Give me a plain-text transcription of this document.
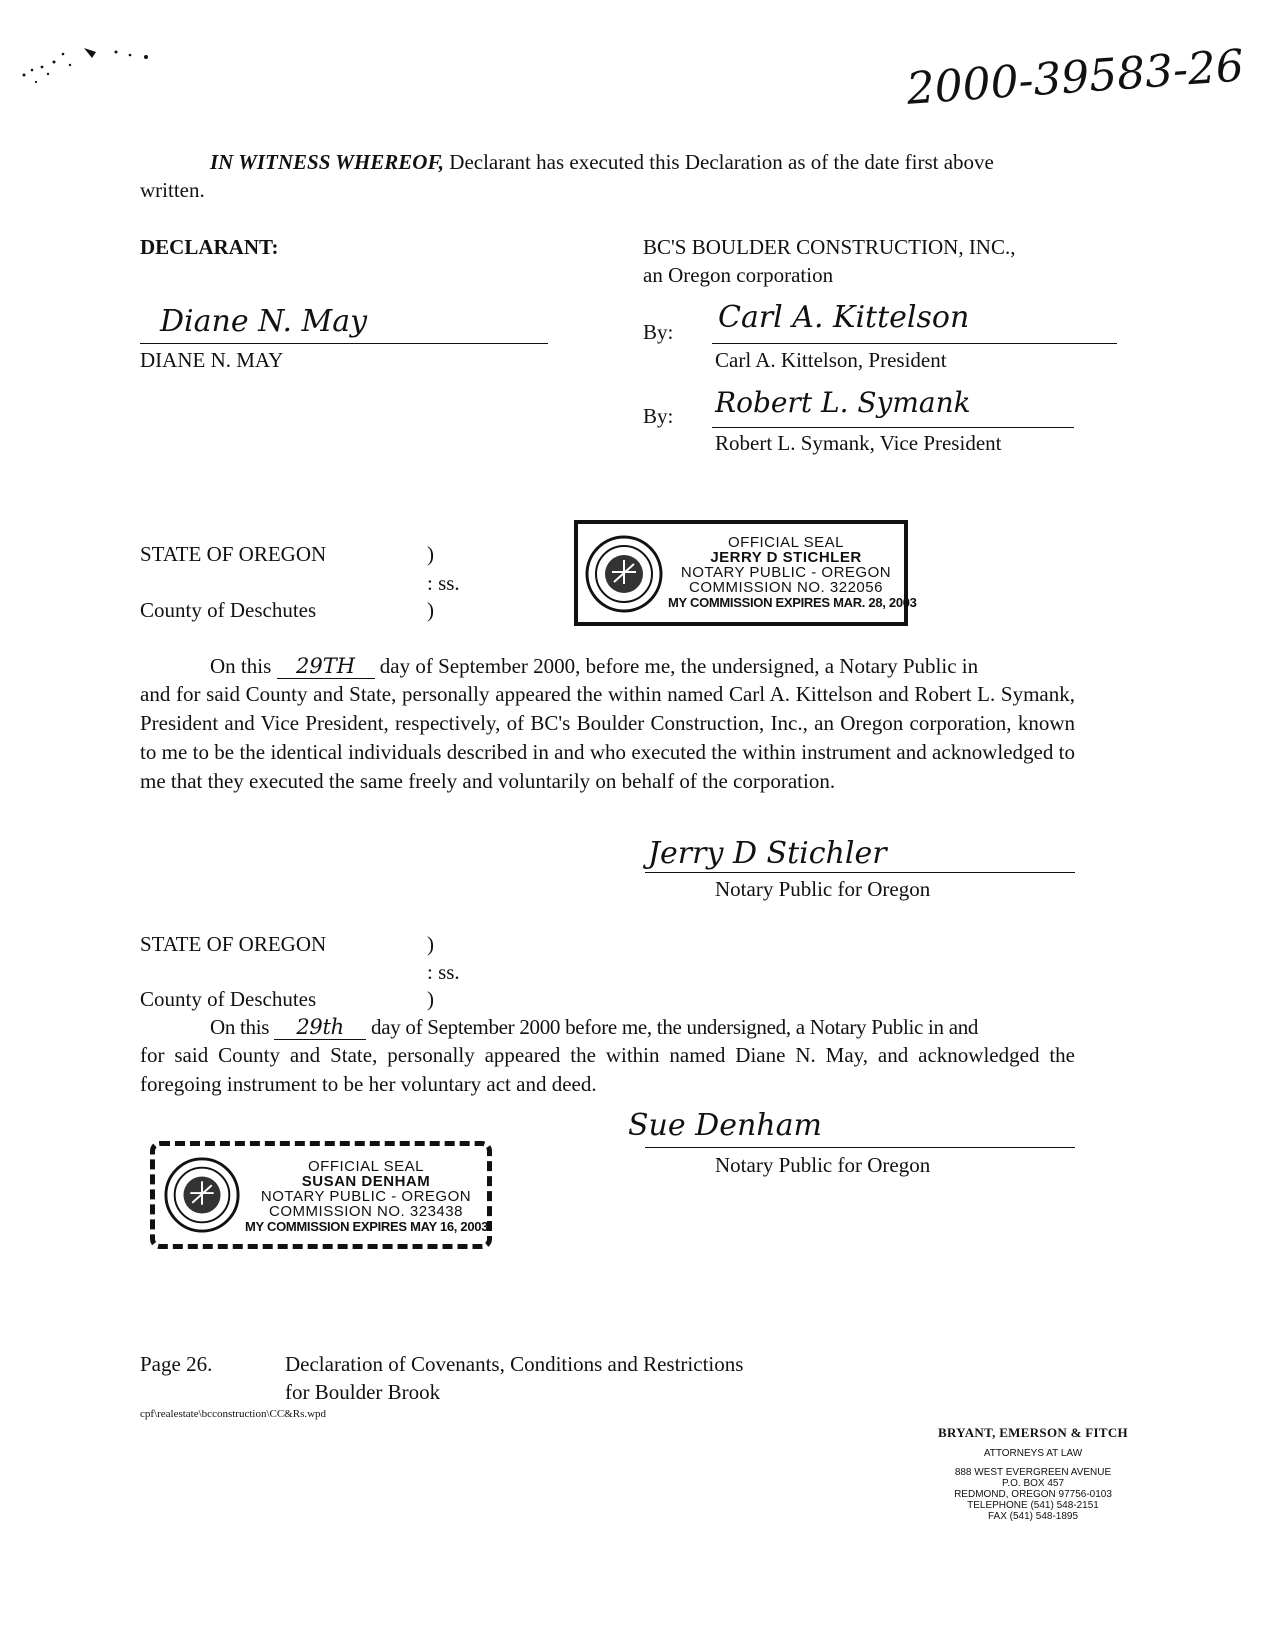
2000-39583-26
IN WITNESS WHEREOF, Declarant has executed this Declaration as of the date first above
written.
DECLARANT:
Diane N. May
DIANE N. MAY
BC'S BOULDER CONSTRUCTION, INC.,
an Oregon corporation
By: Carl A. Kittelson
Carl A. Kittelson, President
By: Robert L. Symank
Robert L. Symank, Vice President
STATE OF OREGON	)
: ss.
County of Deschutes	)
OFFICIAL SEAL
JERRY D STICHLER
NOTARY PUBLIC - OREGON
COMMISSION NO. 322056
MY COMMISSION EXPIRES MAR. 28, 2003
On this 29TH day of September 2000, before me, the undersigned, a Notary Public in
and for said County and State, personally appeared the within named Carl A. Kittelson and Robert L. Symank, President and Vice President, respectively, of BC's Boulder Construction, Inc., an Oregon corporation, known to me to be the identical individuals described in and who executed the within instrument and acknowledged to me that they executed the same freely and voluntarily on behalf of the corporation.
Jerry D Stichler
Notary Public for Oregon
STATE OF OREGON	)
: ss.
County of Deschutes	)
On this 29th day of September 2000 before me, the undersigned, a Notary Public in and
for said County and State, personally appeared the within named Diane N. May, and acknowledged the foregoing instrument to be her voluntary act and deed.
Sue Denham
Notary Public for Oregon
OFFICIAL SEAL
SUSAN DENHAM
NOTARY PUBLIC - OREGON
COMMISSION NO. 323438
MY COMMISSION EXPIRES MAY 16, 2003
Page 26.	Declaration of Covenants, Conditions and Restrictions
for Boulder Brook
cpf\realestate\bcconstruction\CC&Rs.wpd
BRYANT, EMERSON & FITCH
ATTORNEYS AT LAW
888 WEST EVERGREEN AVENUE
P.O. BOX 457
REDMOND, OREGON 97756-0103
TELEPHONE (541) 548-2151
FAX (541) 548-1895
